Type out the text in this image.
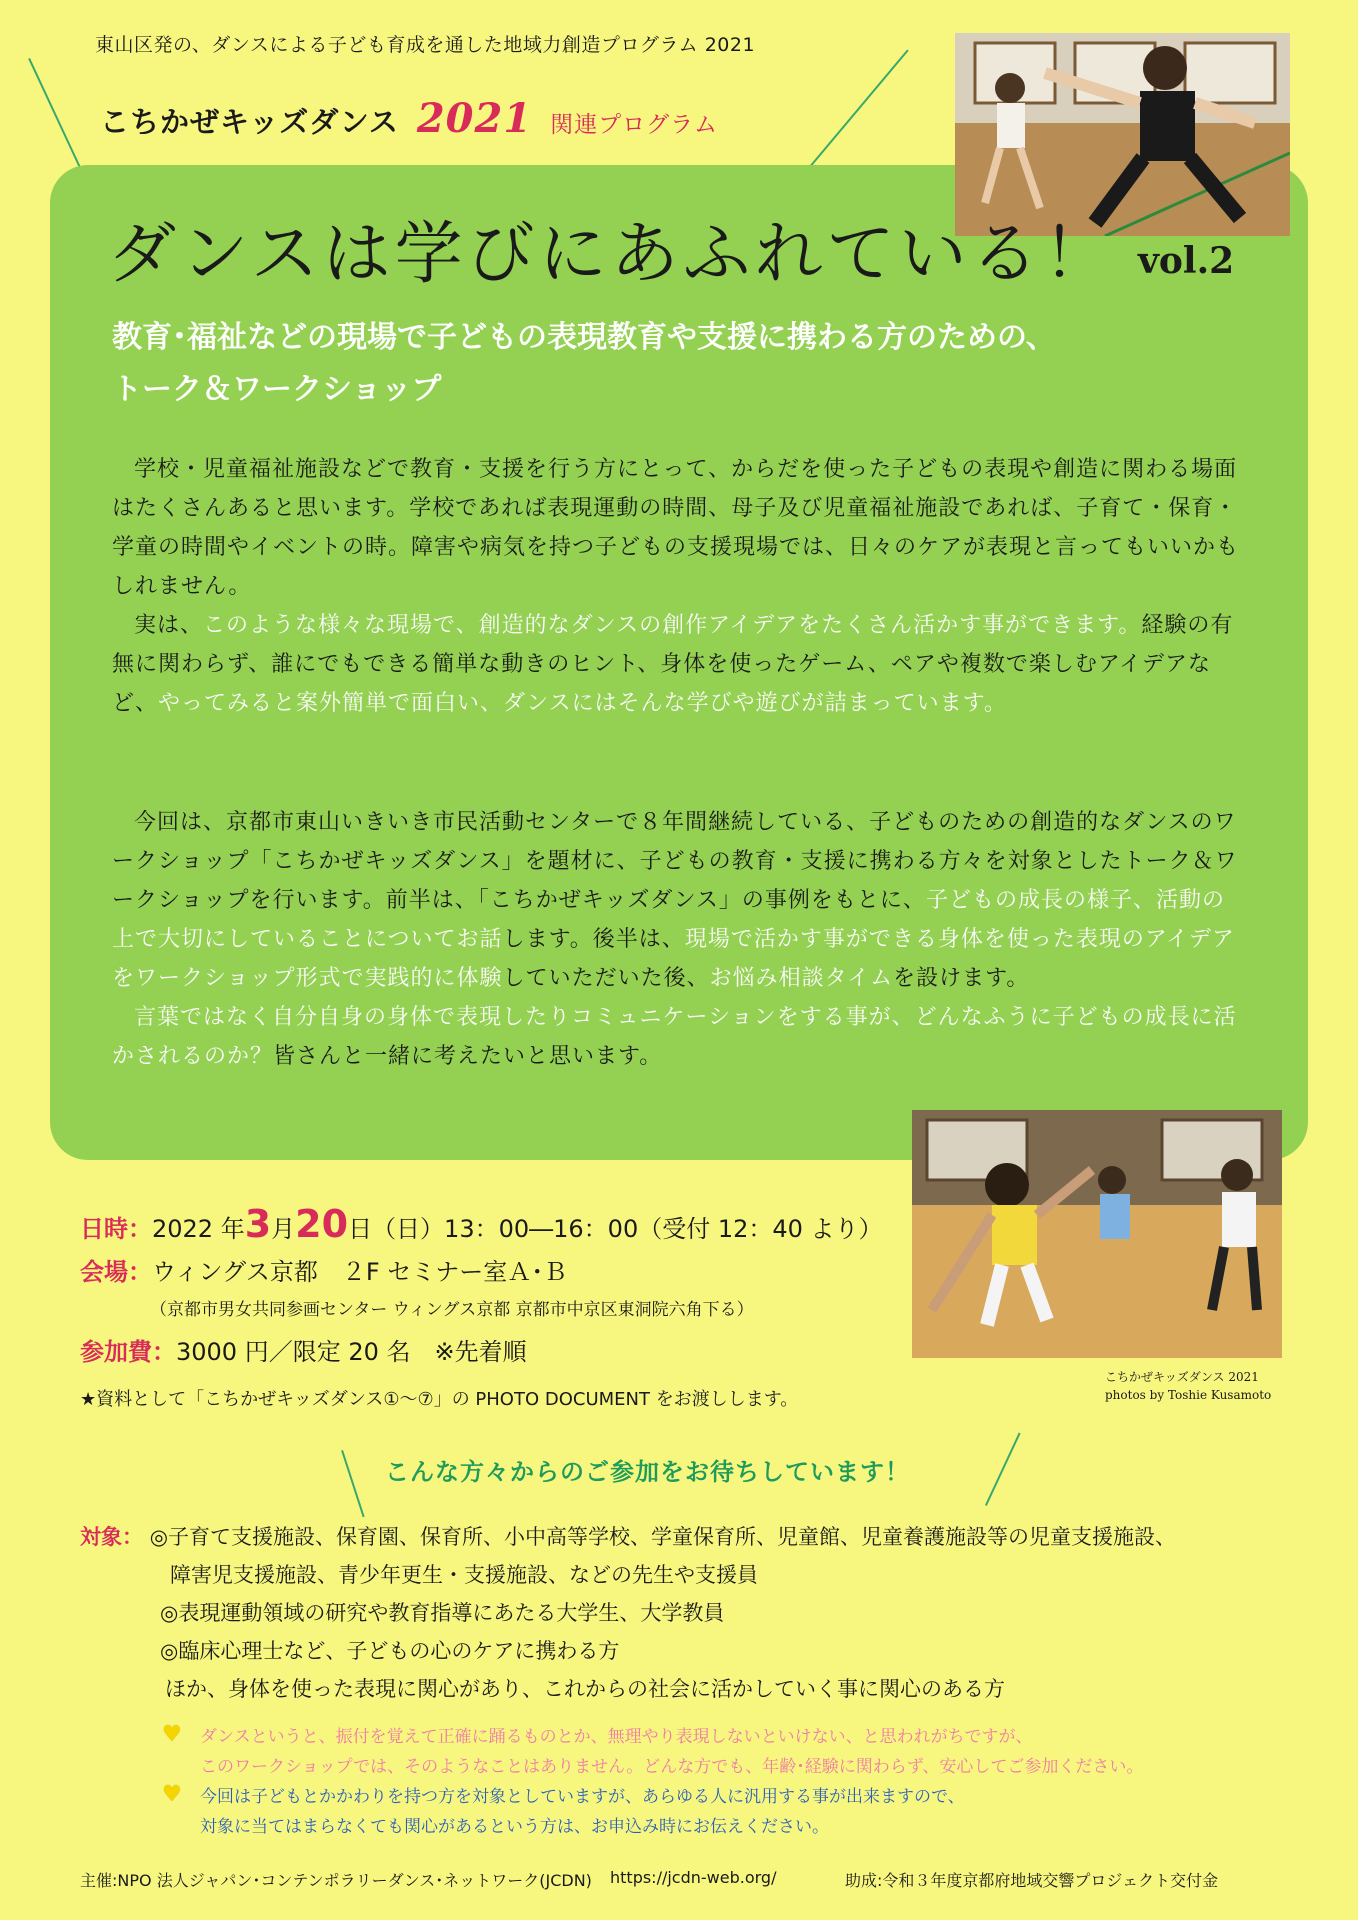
東山区発の、ダンスによる子ども育成を通した地域力創造プログラム 2021
こちかぜキッズダンス 2021 関連プログラム
ダンスは学びにあふれている！ vol.2
教育･福祉などの現場で子どもの表現教育や支援に携わる方のための、
トーク＆ワークショップ

学校・児童福祉施設などで教育・支援を行う方にとって、からだを使った子どもの表現や創造に関わる場面はたくさんあると思います。学校であれば表現運動の時間、母子及び児童福祉施設であれば、子育て・保育・学童の時間やイベントの時。障害や病気を持つ子どもの支援現場では、日々のケアが表現と言ってもいいかもしれません。

実は、このような様々な現場で、創造的なダンスの創作アイデアをたくさん活かす事ができます。経験の有無に関わらず、誰にでもできる簡単な動きのヒント、身体を使ったゲーム、ペアや複数で楽しむアイデアなど、やってみると案外簡単で面白い、ダンスにはそんな学びや遊びが詰まっています。

今回は、京都市東山いきいき市民活動センターで８年間継続している、子どものための創造的なダンスのワークショップ「こちかぜキッズダンス」を題材に、子どもの教育・支援に携わる方々を対象としたトーク＆ワークショップを行います。前半は、「こちかぜキッズダンス」の事例をもとに、子どもの成長の様子、活動の上で大切にしていることについてお話します。後半は、現場で活かす事ができる身体を使った表現のアイデアをワークショップ形式で実践的に体験していただいた後、お悩み相談タイムを設けます。

言葉ではなく自分自身の身体で表現したりコミュニケーションをする事が、どんなふうに子どもの成長に活かされるのか？皆さんと一緒に考えたいと思います。

こちかぜキッズダンス 2021
photos by Toshie Kusamoto
日時：2022 年3月20日（日）13：00―16：00（受付 12：40 より）
会場：ウィングス京都　２F セミナー室Ａ･Ｂ
（京都市男女共同参画センター ウィングス京都 京都市中京区東洞院六角下る）
参加費：3000 円／限定 20 名　※先着順
★資料として「こちかぜキッズダンス①～⑦」の PHOTO DOCUMENT をお渡しします。
こんな方々からのご参加をお待ちしています！
対象： ◎子育て支援施設、保育園、保育所、小中高等学校、学童保育所、児童館、児童養護施設等の児童支援施設、
障害児支援施設、青少年更生・支援施設、などの先生や支援員
◎表現運動領域の研究や教育指導にあたる大学生、大学教員
◎臨床心理士など、子どもの心のケアに携わる方
ほか、身体を使った表現に関心があり、これからの社会に活かしていく事に関心のある方
♥ ダンスというと、振付を覚えて正確に踊るものとか、無理やり表現しないといけない、と思われがちですが、
このワークショップでは、そのようなことはありません。どんな方でも、年齢･経験に関わらず、安心してご参加ください。
♥ 今回は子どもとかかわりを持つ方を対象としていますが、あらゆる人に汎用する事が出来ますので、
対象に当てはまらなくても関心があるという方は、お申込み時にお伝えください。
主催:NPO 法人ジャパン･コンテンポラリーダンス･ネットワーク(JCDN) https://jcdn-web.org/	助成:令和３年度京都府地域交響プロジェクト交付金
